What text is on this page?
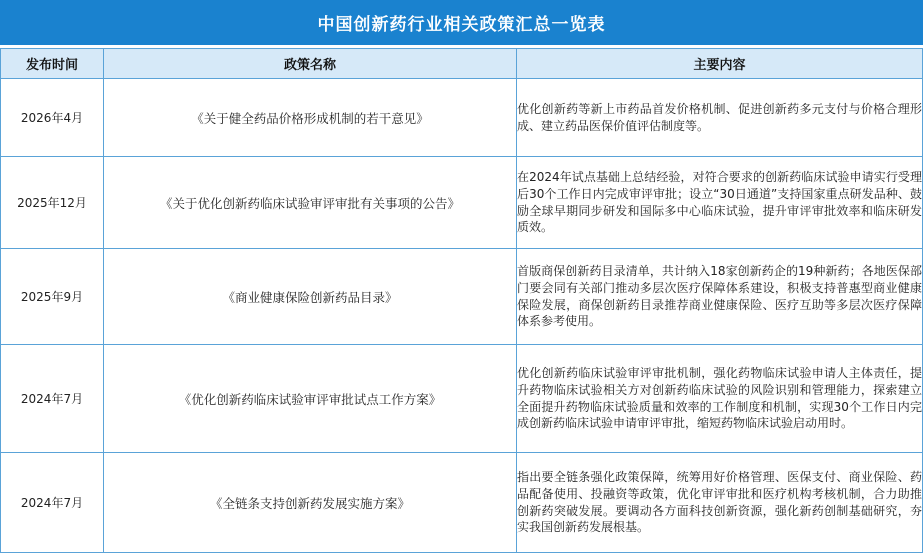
中国创新药行业相关政策汇总一览表
发布时间	政策名称	主要内容
2026年4月	《关于健全药品价格形成机制的若干意见》	优化创新药等新上市药品首发价格机制、促进创新药多元支付与价格合理形成、建立药品医保价值评估制度等。

2025年12月	《关于优化创新药临床试验审评审批有关事项的公告》	在2024年试点基础上总结经验，对符合要求的创新药临床试验申请实行受理后30个工作日内完成审评审批；设立“30日通道”支持国家重点研发品种、鼓励全球早期同步研发和国际多中心临床试验，提升审评审批效率和临床研发质效。

2025年9月	《商业健康保险创新药品目录》	首版商保创新药目录清单，共计纳入18家创新药企的19种新药；各地医保部门要会同有关部门推动多层次医疗保障体系建设，积极支持普惠型商业健康保险发展，商保创新药目录推荐商业健康保险、医疗互助等多层次医疗保障体系参考使用。

2024年7月	《优化创新药临床试验审评审批试点工作方案》	优化创新药临床试验审评审批机制，强化药物临床试验申请人主体责任，提升药物临床试验相关方对创新药临床试验的风险识别和管理能力，探索建立全面提升药物临床试验质量和效率的工作制度和机制，实现30个工作日内完成创新药临床试验申请审评审批，缩短药物临床试验启动用时。

2024年7月	《全链条支持创新药发展实施方案》	指出要全链条强化政策保障，统筹用好价格管理、医保支付、商业保险、药品配备使用、投融资等政策，优化审评审批和医疗机构考核机制，合力助推创新药突破发展。要调动各方面科技创新资源，强化新药创制基础研究，夯实我国创新药发展根基。
